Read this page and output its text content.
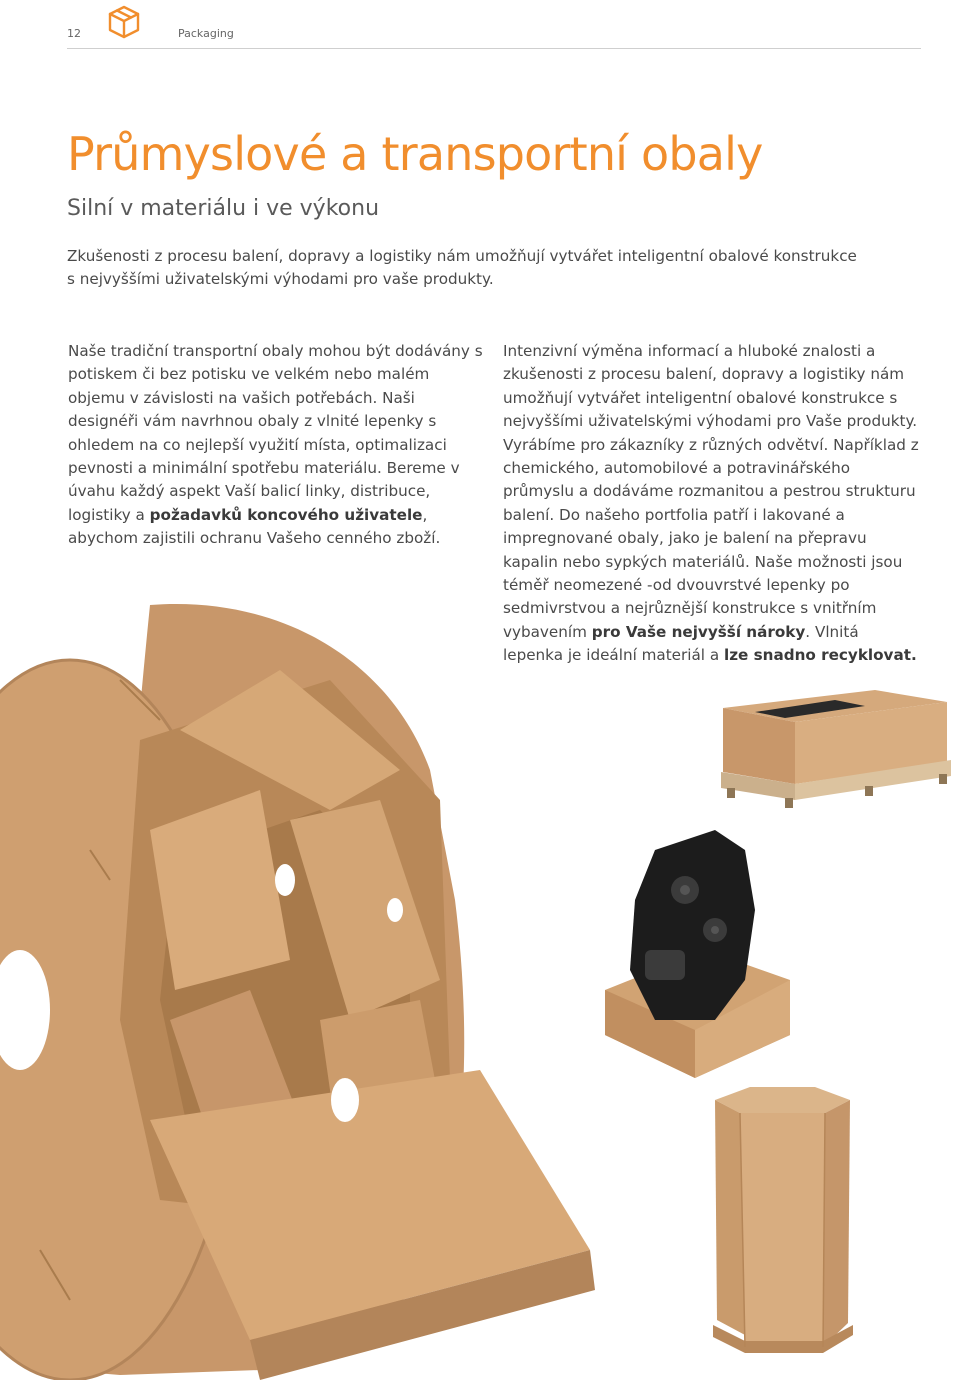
12	Packaging
Průmyslové a transportní obaly
Silní v materiálu i ve výkonu

Zkušenosti z procesu balení, dopravy a logistiky nám umožňují vytvářet inteligentní obalové konstrukce s nejvyššími uživatelskými výhodami pro vaše produkty.

Naše tradiční transportní obaly mohou být dodávány s potiskem či bez potisku ve velkém nebo malém objemu v závislosti na vašich potřebách. Naši designéři vám navrhnou obaly z vlnité lepenky s ohledem na co nejlepší využití místa, optimalizaci pevnosti a minimální spotřebu materiálu. Bereme v úvahu každý aspekt Vaší balicí linky, distribuce, logistiky a požadavků koncového uživatele, abychom zajistili ochranu Vašeho cenného zboží.

Intenzivní výměna informací a hluboké znalosti a zkušenosti z procesu balení, dopravy a logistiky nám umožňují vytvářet inteligentní obalové konstrukce s nejvyššími uživatelskými výhodami pro Vaše produkty. Vyrábíme pro zákazníky z různých odvětví. Například z chemického, automobilové a potravinářského průmyslu a dodáváme rozmanitou a pestrou strukturu balení. Do našeho portfolia patří i lakované a impregnované obaly, jako je balení na přepravu kapalin nebo sypkých materiálů. Naše možnosti jsou téměř neomezené -od dvouvrstvé lepenky po sedmivrstvou a nejrůznější konstrukce s vnitřním vybavením pro Vaše nejvyšší nároky. Vlnitá lepenka je ideální materiál a lze snadno recyklovat.
